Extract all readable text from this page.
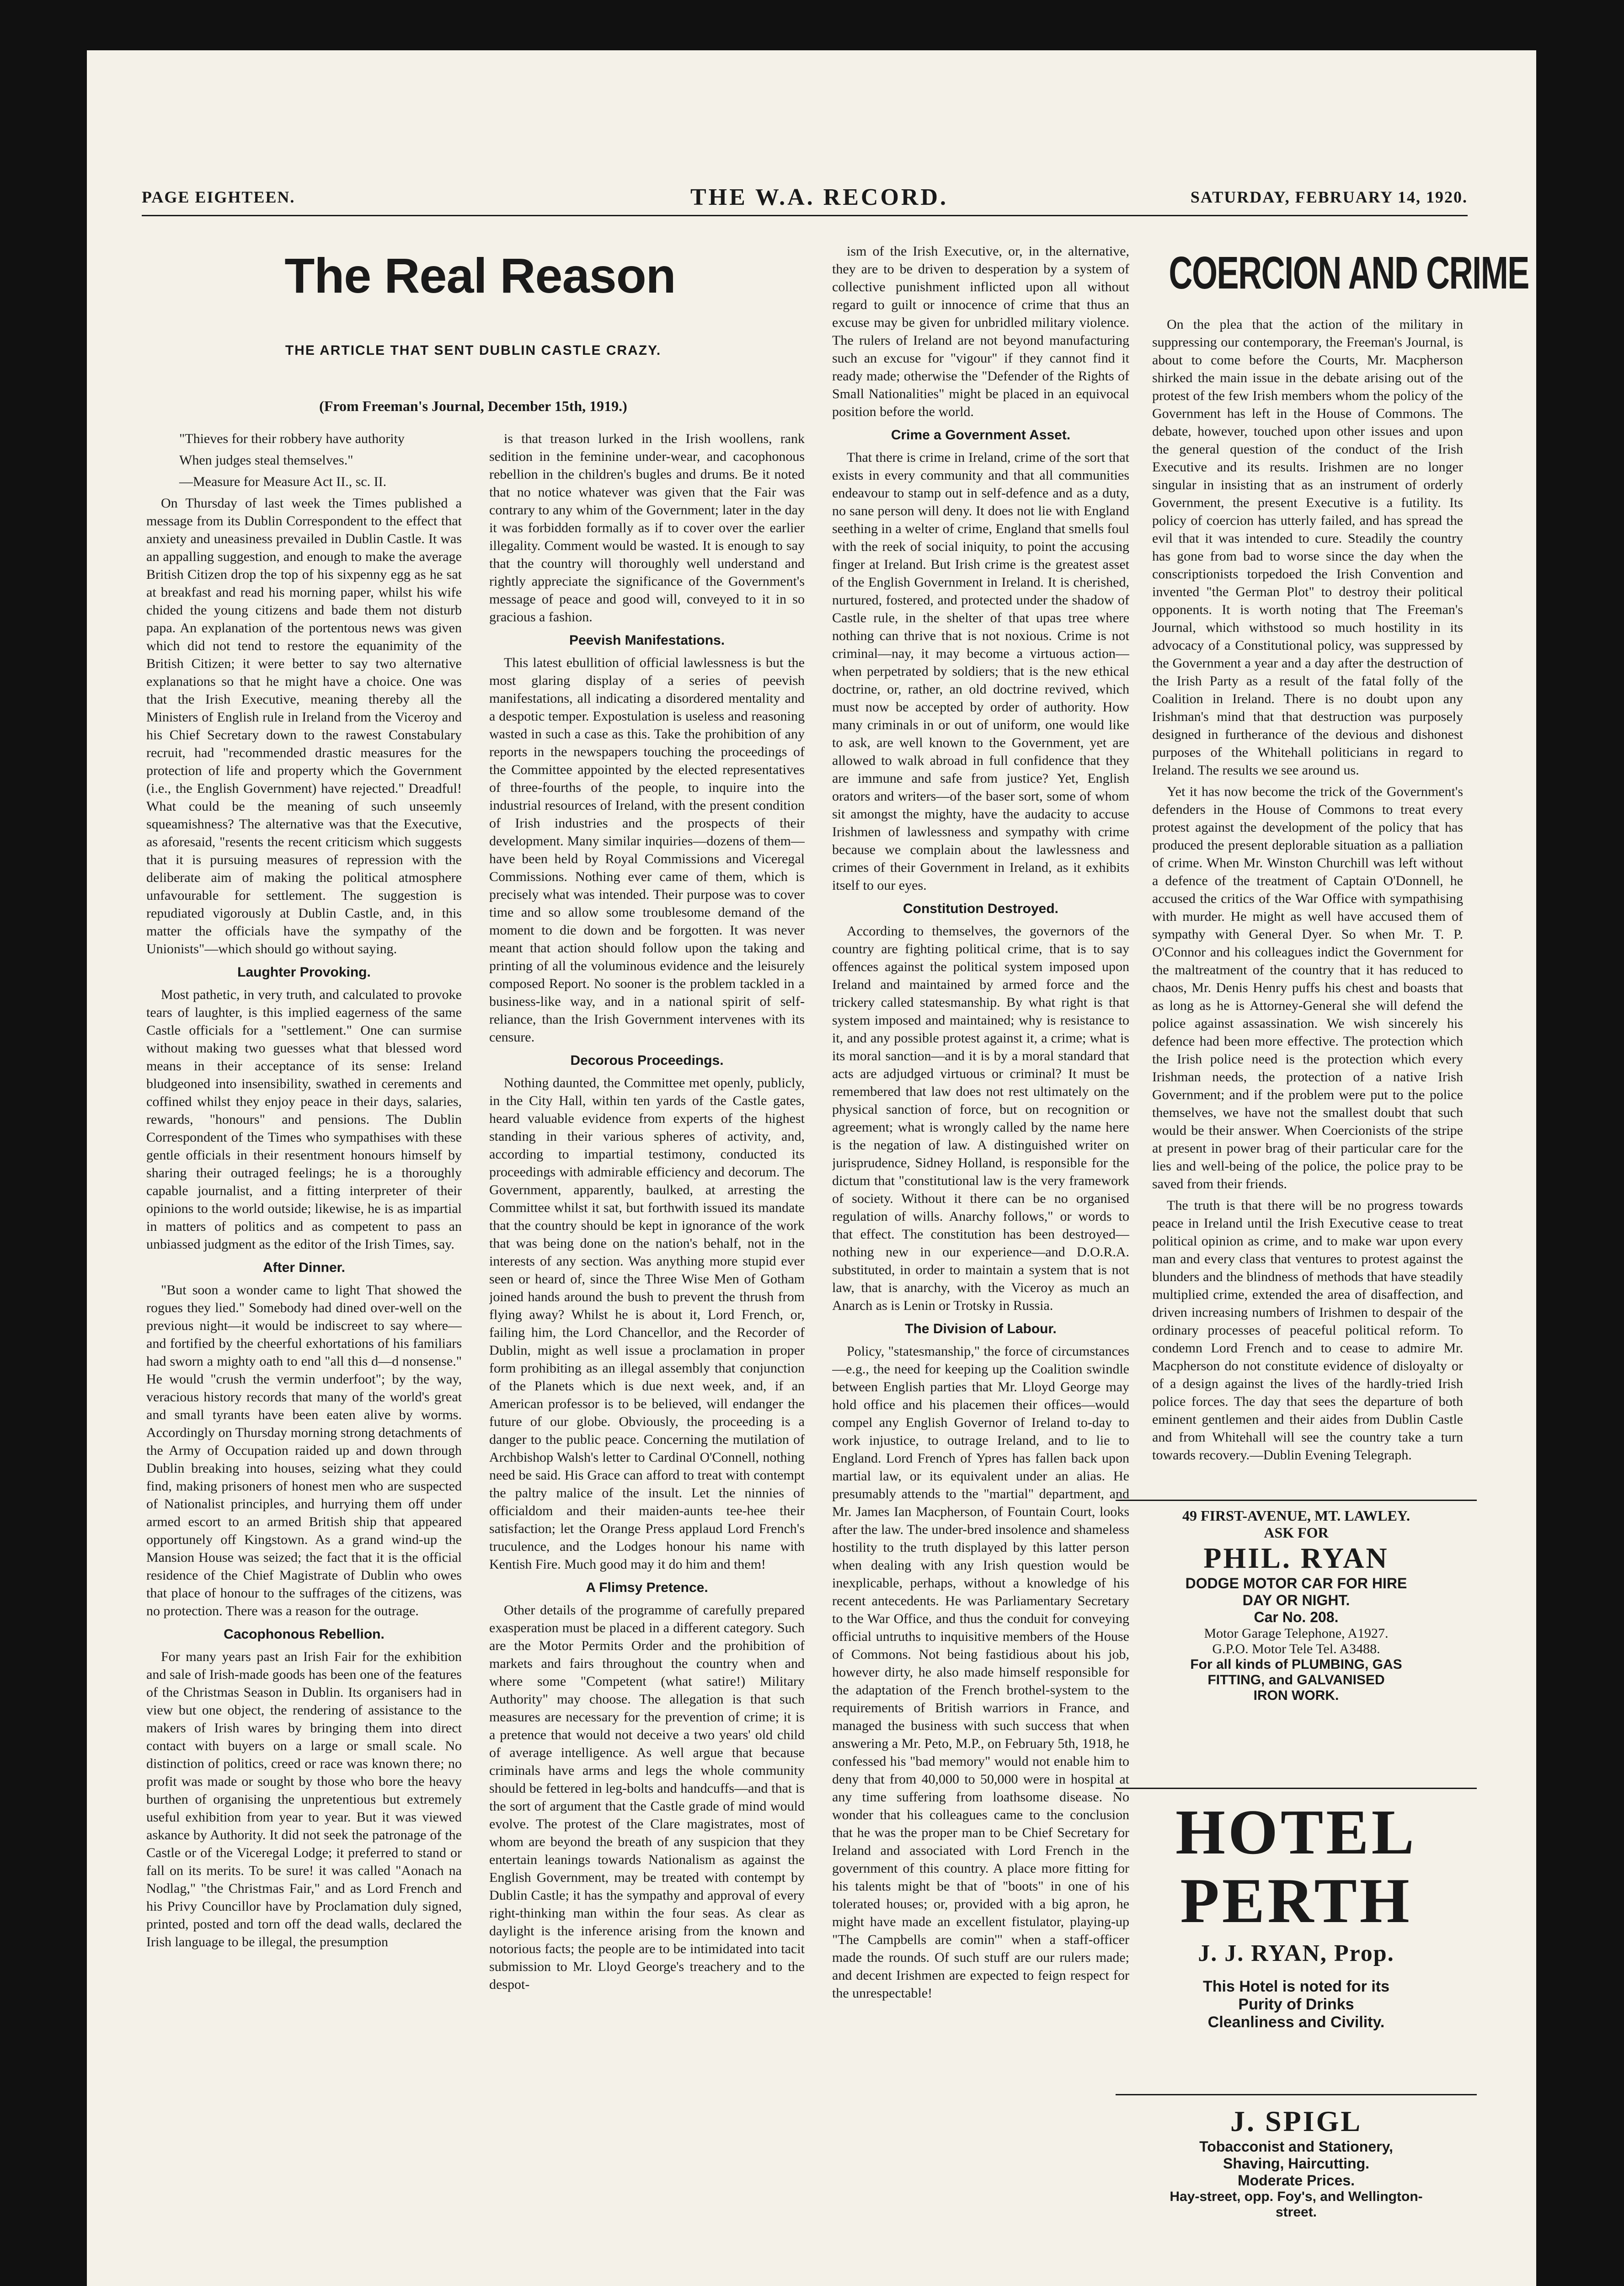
PAGE EIGHTEEN.	THE W.A. RECORD.	SATURDAY, FEBRUARY 14, 1920.
The Real Reason
THE ARTICLE THAT SENT DUBLIN CASTLE CRAZY.
(From Freeman's Journal, December 15th, 1919.)

"Thieves for their robbery have authority

When judges steal themselves."

—Measure for Measure Act II., sc. II.

On Thursday of last week the Times published a message from its Dublin Correspondent to the effect that anxiety and uneasiness prevailed in Dublin Castle. It was an appalling suggestion, and enough to make the average British Citizen drop the top of his sixpenny egg as he sat at breakfast and read his morning paper, whilst his wife chided the young citizens and bade them not disturb papa. An explanation of the portentous news was given which did not tend to restore the equanimity of the British Citizen; it were better to say two alternative explanations so that he might have a choice. One was that the Irish Executive, meaning thereby all the Ministers of English rule in Ireland from the Viceroy and his Chief Secretary down to the rawest Constabulary recruit, had "recommended drastic measures for the protection of life and property which the Government (i.e., the English Government) have rejected." Dreadful! What could be the meaning of such unseemly squeamishness? The alternative was that the Executive, as aforesaid, "resents the recent criticism which suggests that it is pursuing measures of repression with the deliberate aim of making the political atmosphere unfavourable for settlement. The suggestion is repudiated vigorously at Dublin Castle, and, in this matter the officials have the sympathy of the Unionists"—which should go without saying.

Laughter Provoking.

Most pathetic, in very truth, and calculated to provoke tears of laughter, is this implied eagerness of the same Castle officials for a "settlement." One can surmise without making two guesses what that blessed word means in their acceptance of its sense: Ireland bludgeoned into insensibility, swathed in cerements and coffined whilst they enjoy peace in their days, salaries, rewards, "honours" and pensions. The Dublin Correspondent of the Times who sympathises with these gentle officials in their resentment honours himself by sharing their outraged feelings; he is a thoroughly capable journalist, and a fitting interpreter of their opinions to the world outside; likewise, he is as impartial in matters of politics and as competent to pass an unbiassed judgment as the editor of the Irish Times, say.

After Dinner.

"But soon a wonder came to light That showed the rogues they lied." Somebody had dined over-well on the previous night—it would be indiscreet to say where—and fortified by the cheerful exhortations of his familiars had sworn a mighty oath to end "all this d—d nonsense." He would "crush the vermin underfoot"; by the way, veracious history records that many of the world's great and small tyrants have been eaten alive by worms. Accordingly on Thursday morning strong detachments of the Army of Occupation raided up and down through Dublin breaking into houses, seizing what they could find, making prisoners of honest men who are suspected of Nationalist principles, and hurrying them off under armed escort to an armed British ship that appeared opportunely off Kingstown. As a grand wind-up the Mansion House was seized; the fact that it is the official residence of the Chief Magistrate of Dublin who owes that place of honour to the suffrages of the citizens, was no protection. There was a reason for the outrage.

Cacophonous Rebellion.

For many years past an Irish Fair for the exhibition and sale of Irish-made goods has been one of the features of the Christmas Season in Dublin. Its organisers had in view but one object, the rendering of assistance to the makers of Irish wares by bringing them into direct contact with buyers on a large or small scale. No distinction of politics, creed or race was known there; no profit was made or sought by those who bore the heavy burthen of organising the unpretentious but extremely useful exhibition from year to year. But it was viewed askance by Authority. It did not seek the patronage of the Castle or of the Viceregal Lodge; it preferred to stand or fall on its merits. To be sure! it was called "Aonach na Nodlag," "the Christmas Fair," and as Lord French and his Privy Councillor have by Proclamation duly signed, printed, posted and torn off the dead walls, declared the Irish language to be illegal, the presumption

is that treason lurked in the Irish woollens, rank sedition in the feminine under-wear, and cacophonous rebellion in the children's bugles and drums. Be it noted that no notice whatever was given that the Fair was contrary to any whim of the Government; later in the day it was forbidden formally as if to cover over the earlier illegality. Comment would be wasted. It is enough to say that the country will thoroughly well understand and rightly appreciate the significance of the Government's message of peace and good will, conveyed to it in so gracious a fashion.

Peevish Manifestations.

This latest ebullition of official lawlessness is but the most glaring display of a series of peevish manifestations, all indicating a disordered mentality and a despotic temper. Expostulation is useless and reasoning wasted in such a case as this. Take the prohibition of any reports in the newspapers touching the proceedings of the Committee appointed by the elected representatives of three-fourths of the people, to inquire into the industrial resources of Ireland, with the present condition of Irish industries and the prospects of their development. Many similar inquiries—dozens of them—have been held by Royal Commissions and Viceregal Commissions. Nothing ever came of them, which is precisely what was intended. Their purpose was to cover time and so allow some troublesome demand of the moment to die down and be forgotten. It was never meant that action should follow upon the taking and printing of all the voluminous evidence and the leisurely composed Report. No sooner is the problem tackled in a business-like way, and in a national spirit of self-reliance, than the Irish Government intervenes with its censure.

Decorous Proceedings.

Nothing daunted, the Committee met openly, publicly, in the City Hall, within ten yards of the Castle gates, heard valuable evidence from experts of the highest standing in their various spheres of activity, and, according to impartial testimony, conducted its proceedings with admirable efficiency and decorum. The Government, apparently, baulked, at arresting the Committee whilst it sat, but forthwith issued its mandate that the country should be kept in ignorance of the work that was being done on the nation's behalf, not in the interests of any section. Was anything more stupid ever seen or heard of, since the Three Wise Men of Gotham joined hands around the bush to prevent the thrush from flying away? Whilst he is about it, Lord French, or, failing him, the Lord Chancellor, and the Recorder of Dublin, might as well issue a proclamation in proper form prohibiting as an illegal assembly that conjunction of the Planets which is due next week, and, if an American professor is to be believed, will endanger the future of our globe. Obviously, the proceeding is a danger to the public peace. Concerning the mutilation of Archbishop Walsh's letter to Cardinal O'Connell, nothing need be said. His Grace can afford to treat with contempt the paltry malice of the insult. Let the ninnies of officialdom and their maiden-aunts tee-hee their satisfaction; let the Orange Press applaud Lord French's truculence, and the Lodges honour his name with Kentish Fire. Much good may it do him and them!

A Flimsy Pretence.

Other details of the programme of carefully prepared exasperation must be placed in a different category. Such are the Motor Permits Order and the prohibition of markets and fairs throughout the country when and where some "Competent (what satire!) Military Authority" may choose. The allegation is that such measures are necessary for the prevention of crime; it is a pretence that would not deceive a two years' old child of average intelligence. As well argue that because criminals have arms and legs the whole community should be fettered in leg-bolts and handcuffs—and that is the sort of argument that the Castle grade of mind would evolve. The protest of the Clare magistrates, most of whom are beyond the breath of any suspicion that they entertain leanings towards Nationalism as against the English Government, may be treated with contempt by Dublin Castle; it has the sympathy and approval of every right-thinking man within the four seas. As clear as daylight is the inference arising from the known and notorious facts; the people are to be intimidated into tacit submission to Mr. Lloyd George's treachery and to the despot-

ism of the Irish Executive, or, in the alternative, they are to be driven to desperation by a system of collective punishment inflicted upon all without regard to guilt or innocence of crime that thus an excuse may be given for unbridled military violence. The rulers of Ireland are not beyond manufacturing such an excuse for "vigour" if they cannot find it ready made; otherwise the "Defender of the Rights of Small Nationalities" might be placed in an equivocal position before the world.

Crime a Government Asset.

That there is crime in Ireland, crime of the sort that exists in every community and that all communities endeavour to stamp out in self-defence and as a duty, no sane person will deny. It does not lie with England seething in a welter of crime, England that smells foul with the reek of social iniquity, to point the accusing finger at Ireland. But Irish crime is the greatest asset of the English Government in Ireland. It is cherished, nurtured, fostered, and protected under the shadow of Castle rule, in the shelter of that upas tree where nothing can thrive that is not noxious. Crime is not criminal—nay, it may become a virtuous action—when perpetrated by soldiers; that is the new ethical doctrine, or, rather, an old doctrine revived, which must now be accepted by order of authority. How many criminals in or out of uniform, one would like to ask, are well known to the Government, yet are allowed to walk abroad in full confidence that they are immune and safe from justice? Yet, English orators and writers—of the baser sort, some of whom sit amongst the mighty, have the audacity to accuse Irishmen of lawlessness and sympathy with crime because we complain about the lawlessness and crimes of their Government in Ireland, as it exhibits itself to our eyes.

Constitution Destroyed.

According to themselves, the governors of the country are fighting political crime, that is to say offences against the political system imposed upon Ireland and maintained by armed force and the trickery called statesmanship. By what right is that system imposed and maintained; why is resistance to it, and any possible protest against it, a crime; what is its moral sanction—and it is by a moral standard that acts are adjudged virtuous or criminal? It must be remembered that law does not rest ultimately on the physical sanction of force, but on recognition or agreement; what is wrongly called by the name here is the negation of law. A distinguished writer on jurisprudence, Sidney Holland, is responsible for the dictum that "constitutional law is the very framework of society. Without it there can be no organised regulation of wills. Anarchy follows," or words to that effect. The constitution has been destroyed—nothing new in our experience—and D.O.R.A. substituted, in order to maintain a system that is not law, that is anarchy, with the Viceroy as much an Anarch as is Lenin or Trotsky in Russia.

The Division of Labour.

Policy, "statesmanship," the force of circumstances—e.g., the need for keeping up the Coalition swindle between English parties that Mr. Lloyd George may hold office and his placemen their offices—would compel any English Governor of Ireland to-day to work injustice, to outrage Ireland, and to lie to England. Lord French of Ypres has fallen back upon martial law, or its equivalent under an alias. He presumably attends to the "martial" department, and Mr. James Ian Macpherson, of Fountain Court, looks after the law. The under-bred insolence and shameless hostility to the truth displayed by this latter person when dealing with any Irish question would be inexplicable, perhaps, without a knowledge of his recent antecedents. He was Parliamentary Secretary to the War Office, and thus the conduit for conveying official untruths to inquisitive members of the House of Commons. Not being fastidious about his job, however dirty, he also made himself responsible for the adaptation of the French brothel-system to the requirements of British warriors in France, and managed the business with such success that when answering a Mr. Peto, M.P., on February 5th, 1918, he confessed his "bad memory" would not enable him to deny that from 40,000 to 50,000 were in hospital at any time suffering from loathsome disease. No wonder that his colleagues came to the conclusion that he was the proper man to be Chief Secretary for Ireland and associated with Lord French in the government of this country. A place more fitting for his talents might be that of "boots" in one of his tolerated houses; or, provided with a big apron, he might have made an excellent fistulator, playing-up "The Campbells are comin'" when a staff-officer made the rounds. Of such stuff are our rulers made; and decent Irishmen are expected to feign respect for the unrespectable!

COERCION AND CRIME

On the plea that the action of the military in suppressing our contemporary, the Freeman's Journal, is about to come before the Courts, Mr. Macpherson shirked the main issue in the debate arising out of the protest of the few Irish members whom the policy of the Government has left in the House of Commons. The debate, however, touched upon other issues and upon the general question of the conduct of the Irish Executive and its results. Irishmen are no longer singular in insisting that as an instrument of orderly Government, the present Executive is a futility. Its policy of coercion has utterly failed, and has spread the evil that it was intended to cure. Steadily the country has gone from bad to worse since the day when the conscriptionists torpedoed the Irish Convention and invented "the German Plot" to destroy their political opponents. It is worth noting that The Freeman's Journal, which withstood so much hostility in its advocacy of a Constitutional policy, was suppressed by the Government a year and a day after the destruction of the Irish Party as a result of the fatal folly of the Coalition in Ireland. There is no doubt upon any Irishman's mind that that destruction was purposely designed in furtherance of the devious and dishonest purposes of the Whitehall politicians in regard to Ireland. The results we see around us.

Yet it has now become the trick of the Government's defenders in the House of Commons to treat every protest against the development of the policy that has produced the present deplorable situation as a palliation of crime. When Mr. Winston Churchill was left without a defence of the treatment of Captain O'Donnell, he accused the critics of the War Office with sympathising with murder. He might as well have accused them of sympathy with General Dyer. So when Mr. T. P. O'Connor and his colleagues indict the Government for the maltreatment of the country that it has reduced to chaos, Mr. Denis Henry puffs his chest and boasts that as long as he is Attorney-General she will defend the police against assassination. We wish sincerely his defence had been more effective. The protection which the Irish police need is the protection which every Irishman needs, the protection of a native Irish Government; and if the problem were put to the police themselves, we have not the smallest doubt that such would be their answer. When Coercionists of the stripe at present in power brag of their particular care for the lies and well-being of the police, the police pray to be saved from their friends.

The truth is that there will be no progress towards peace in Ireland until the Irish Executive cease to treat political opinion as crime, and to make war upon every man and every class that ventures to protest against the blunders and the blindness of methods that have steadily multiplied crime, extended the area of disaffection, and driven increasing numbers of Irishmen to despair of the ordinary processes of peaceful political reform. To condemn Lord French and to cease to admire Mr. Macpherson do not constitute evidence of disloyalty or of a design against the lives of the hardly-tried Irish police forces. The day that sees the departure of both eminent gentlemen and their aides from Dublin Castle and from Whitehall will see the country take a turn towards recovery.—Dublin Evening Telegraph.

49 FIRST-AVENUE, MT. LAWLEY.
ASK FOR
PHIL. RYAN
DODGE MOTOR CAR FOR HIRE
DAY OR NIGHT.
Car No. 208.
Motor Garage Telephone, A1927.
G.P.O. Motor Tele Tel. A3488.
For all kinds of PLUMBING, GAS
FITTING, and GALVANISED
IRON WORK.
HOTEL
PERTH
J. J. RYAN, Prop.
This Hotel is noted for its
Purity of Drinks
Cleanliness and Civility.
J. SPIGL
Tobacconist and Stationery,
Shaving, Haircutting.
Moderate Prices.
Hay-street, opp. Foy's, and Wellington-
street.
